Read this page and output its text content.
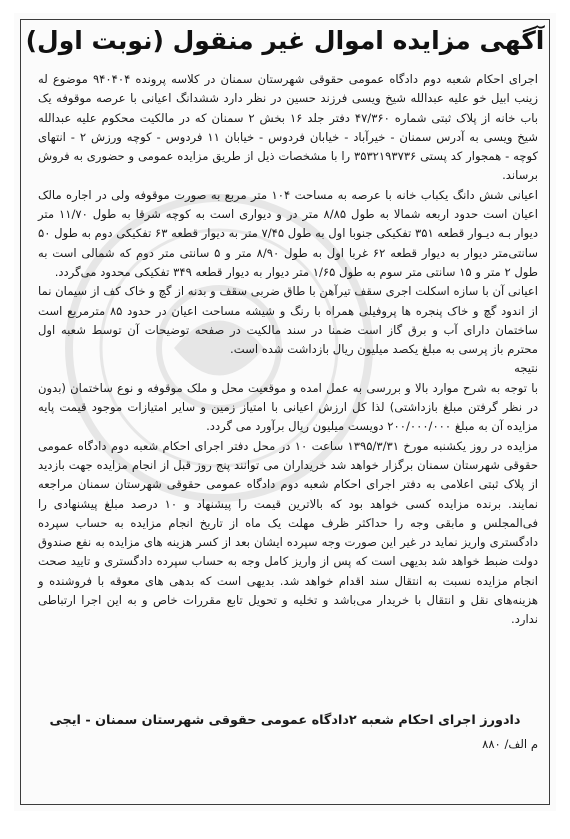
آگهی مزایده اموال غیر منقول (نوبت اول)

اجرای احکام شعبه دوم دادگاه عمومی حقوقی شهرستان سمنان در کلاسه پرونده ۹۴۰۴۰۴ موضوع له زینب ابیل خو علیه عبدالله شیخ ویسی فرزند حسین در نظر دارد ششدانگ اعیانی با عرصه موقوفه یک باب خانه از پلاک ثبتی شماره ۴۷/۳۶۰ دفتر جلد ۱۶ بخش ۲ سمنان که در مالکیت محکوم علیه عبدالله شیخ ویسی به آدرس سمنان - خیرآباد - خیابان فردوس - خیابان ۱۱ فردوس - کوچه ورزش ۲ - انتهای کوچه - همجوار کد پستی ۳۵۳۲۱۹۳۷۳۶ را با مشخصات ذیل از طریق مزایده عمومی و حضوری به فروش برساند.

اعیانی شش دانگ یکباب خانه با عرصه به مساحت ۱۰۴ متر مربع به صورت موقوفه ولی در اجاره مالک اعیان است حدود اربعه شمالا به طول ۸/۸۵ متر در و دیواری است به کوچه شرقا به طول ۱۱/۷۰ متر دیوار بـه دیـوار قطعه ۳۵۱ تفکیکی جنوبا اول به طول ۷/۴۵ متر به دیوار قطعه ۶۳ تفکیکی دوم به طول ۵۰ سانتی‌متر دیوار به دیوار قطعه ۶۲ غربا اول به طول ۸/۹۰ متر و ۵ سانتی متر دوم که شمالی است به طول ۲ متر و ۱۵ سانتی متر سوم به طول ۱/۶۵ متر دیوار به دیوار قطعه ۳۴۹ تفکیکی محدود می‌گردد.

اعیانی آن با سازه اسکلت اجری سقف تیرآهن با طاق ضربی سقف و بدنه از گچ و خاک کف از سیمان نما از اندود گچ و خاک پنجره ها پروفیلی همراه با رنگ و شیشه مساحت اعیان در حدود ۸۵ مترمربع است ساختمان دارای آب و برق گاز است ضمنا در سند مالکیت در صفحه توضیحات آن توسط شعبه اول محترم باز پرسی به مبلغ یکصد میلیون ریال بازداشت شده است.

نتیجه

با توجه به شرح موارد بالا و بررسی به عمل امده و موقعیت محل و ملک موقوفه و نوع ساختمان (بدون در نظر گرفتن مبلغ بازداشتی) لذا کل ارزش اعیانی با امتیاز زمین و سایر امتیازات موجود قیمت پایه مزایده آن به مبلغ ۲۰۰/۰۰۰/۰۰۰ دویست میلیون ریال برآورد می گردد.

مزایده در روز یکشنبه مورخ ۱۳۹۵/۳/۳۱ ساعت ۱۰ در محل دفتر اجرای احکام شعبه دوم دادگاه عمومی حقوقی شهرستان سمنان برگزار خواهد شد خریداران می توانند پنج روز قبل از انجام مزایده جهت بازدید از پلاک ثبتی اعلامی به دفتر اجرای احکام شعبه دوم دادگاه عمومی حقوقی شهرستان سمنان مراجعه نمایند. برنده مزایده کسی خواهد بود که بالاترین قیمت را پیشنهاد و ۱۰ درصد مبلغ پیشنهادی را فی‌المجلس و مابقی وجه را حداکثر ظرف مهلت یک ماه از تاریخ انجام مزایده به حساب سپرده دادگستری واریز نماید در غیر این صورت وجه سپرده ایشان بعد از کسر هزینه های مزایده به نفع صندوق دولت ضبط خواهد شد بدیهی است که پس از واریز کامل وجه به حساب سپرده دادگستری و تایید صحت انجام مزایده نسبت به انتقال سند اقدام خواهد شد. بدیهی است که بدهی های معوقه با فروشنده و هزینه‌های نقل و انتقال با خریدار می‌باشد و تخلیه و تحویل تابع مقررات خاص و به این اجرا ارتباطی ندارد.

دادورز اجرای احکام شعبه ۲دادگاه عمومی حقوقی شهرستان سمنان - ایجی
م الف/ ۸۸۰
